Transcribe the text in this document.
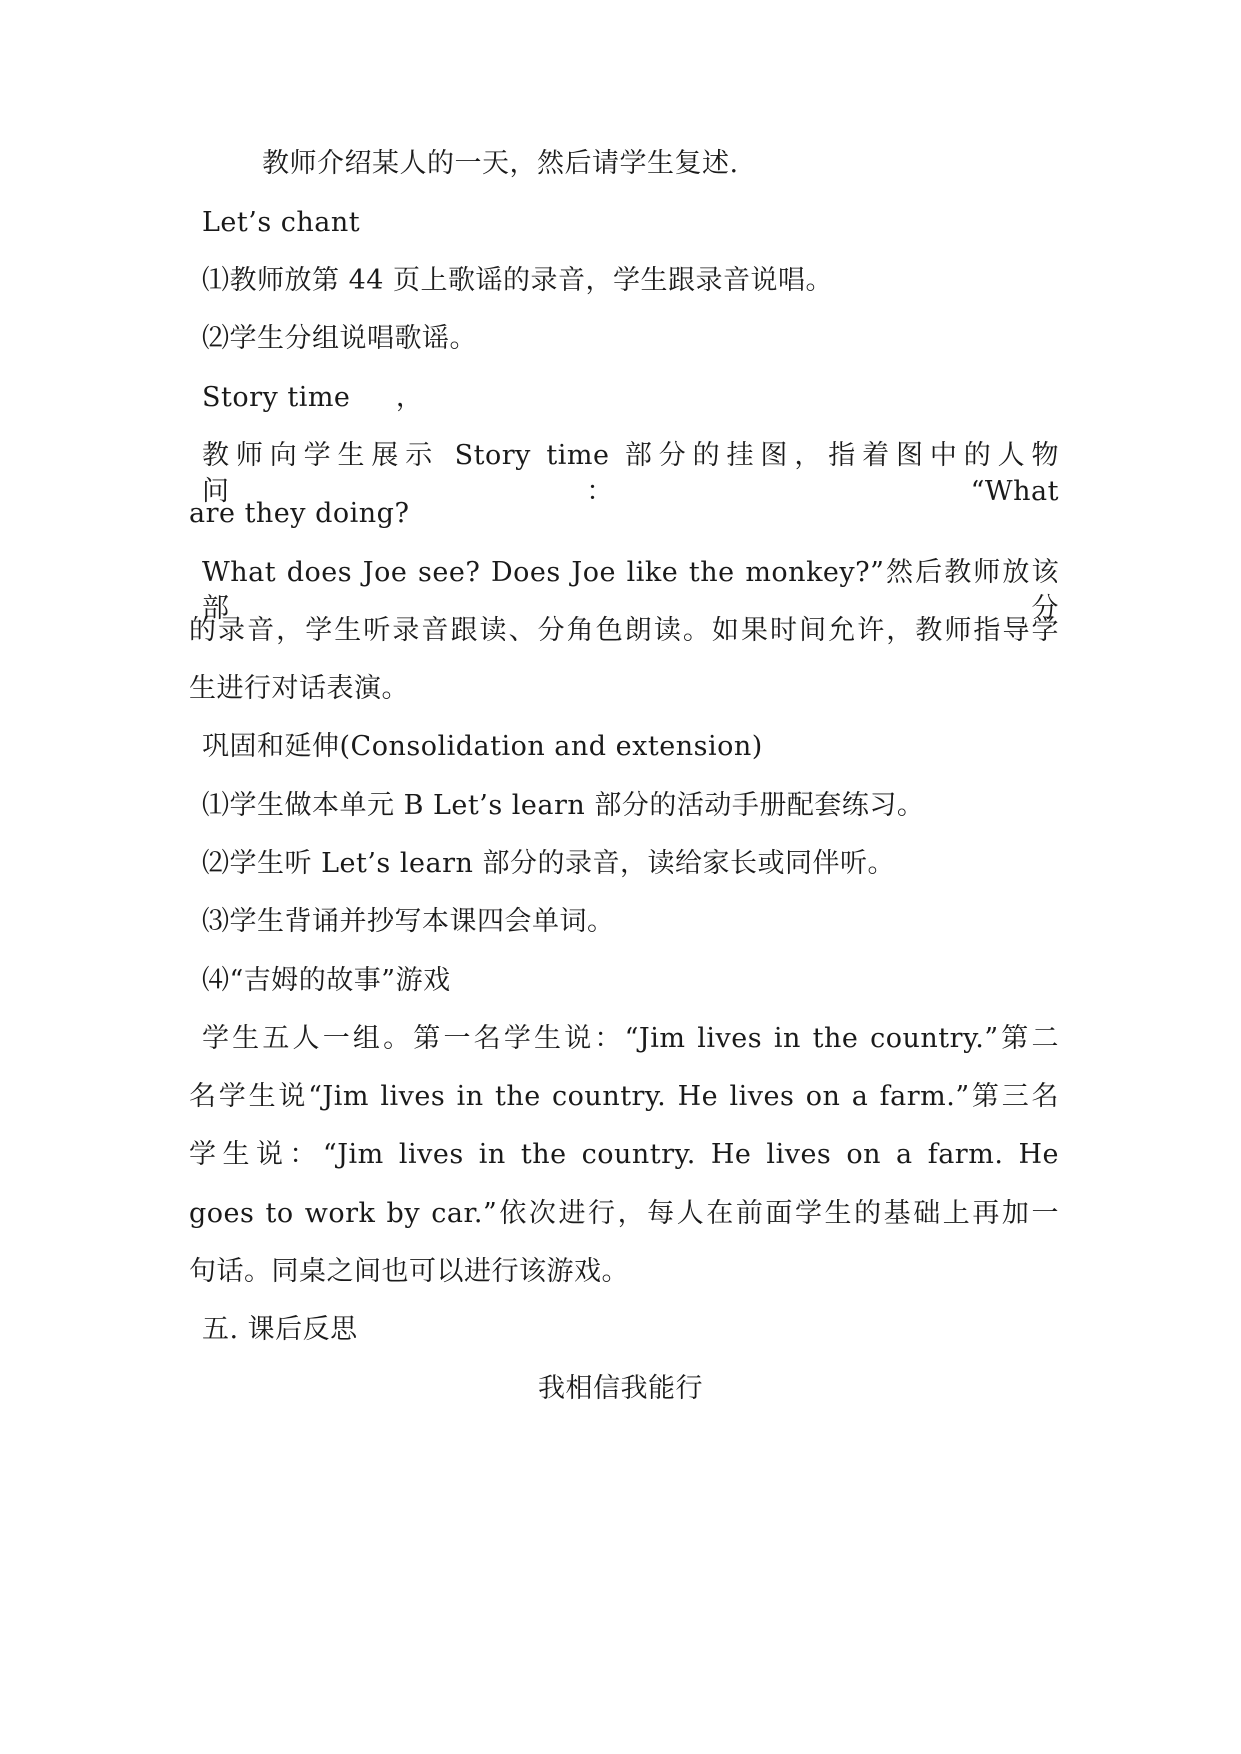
教师介绍某人的一天，然后请学生复述.
Let’s chant
⑴教师放第 44 页上歌谣的录音，学生跟录音说唱。
⑵学生分组说唱歌谣。
Story time     ，
教师向学生展示 Story time 部分的挂图，指着图中的人物问：“What
are they doing?
What does Joe see? Does Joe like the monkey?”然后教师放该部分
的录音，学生听录音跟读、分角色朗读。如果时间允许，教师指导学
生进行对话表演。
巩固和延伸(Consolidation and extension)
⑴学生做本单元 B Let’s learn 部分的活动手册配套练习。
⑵学生听 Let’s learn 部分的录音，读给家长或同伴听。
⑶学生背诵并抄写本课四会单词。
⑷“吉姆的故事”游戏
学生五人一组。第一名学生说：“Jim lives in the country.”第二
名学生说“Jim lives in the country. He lives on a farm.”第三名
学生说：“Jim lives in the country. He lives on a farm. He
goes to work by car.”依次进行，每人在前面学生的基础上再加一
句话。同桌之间也可以进行该游戏。
五. 课后反思
我相信我能行
